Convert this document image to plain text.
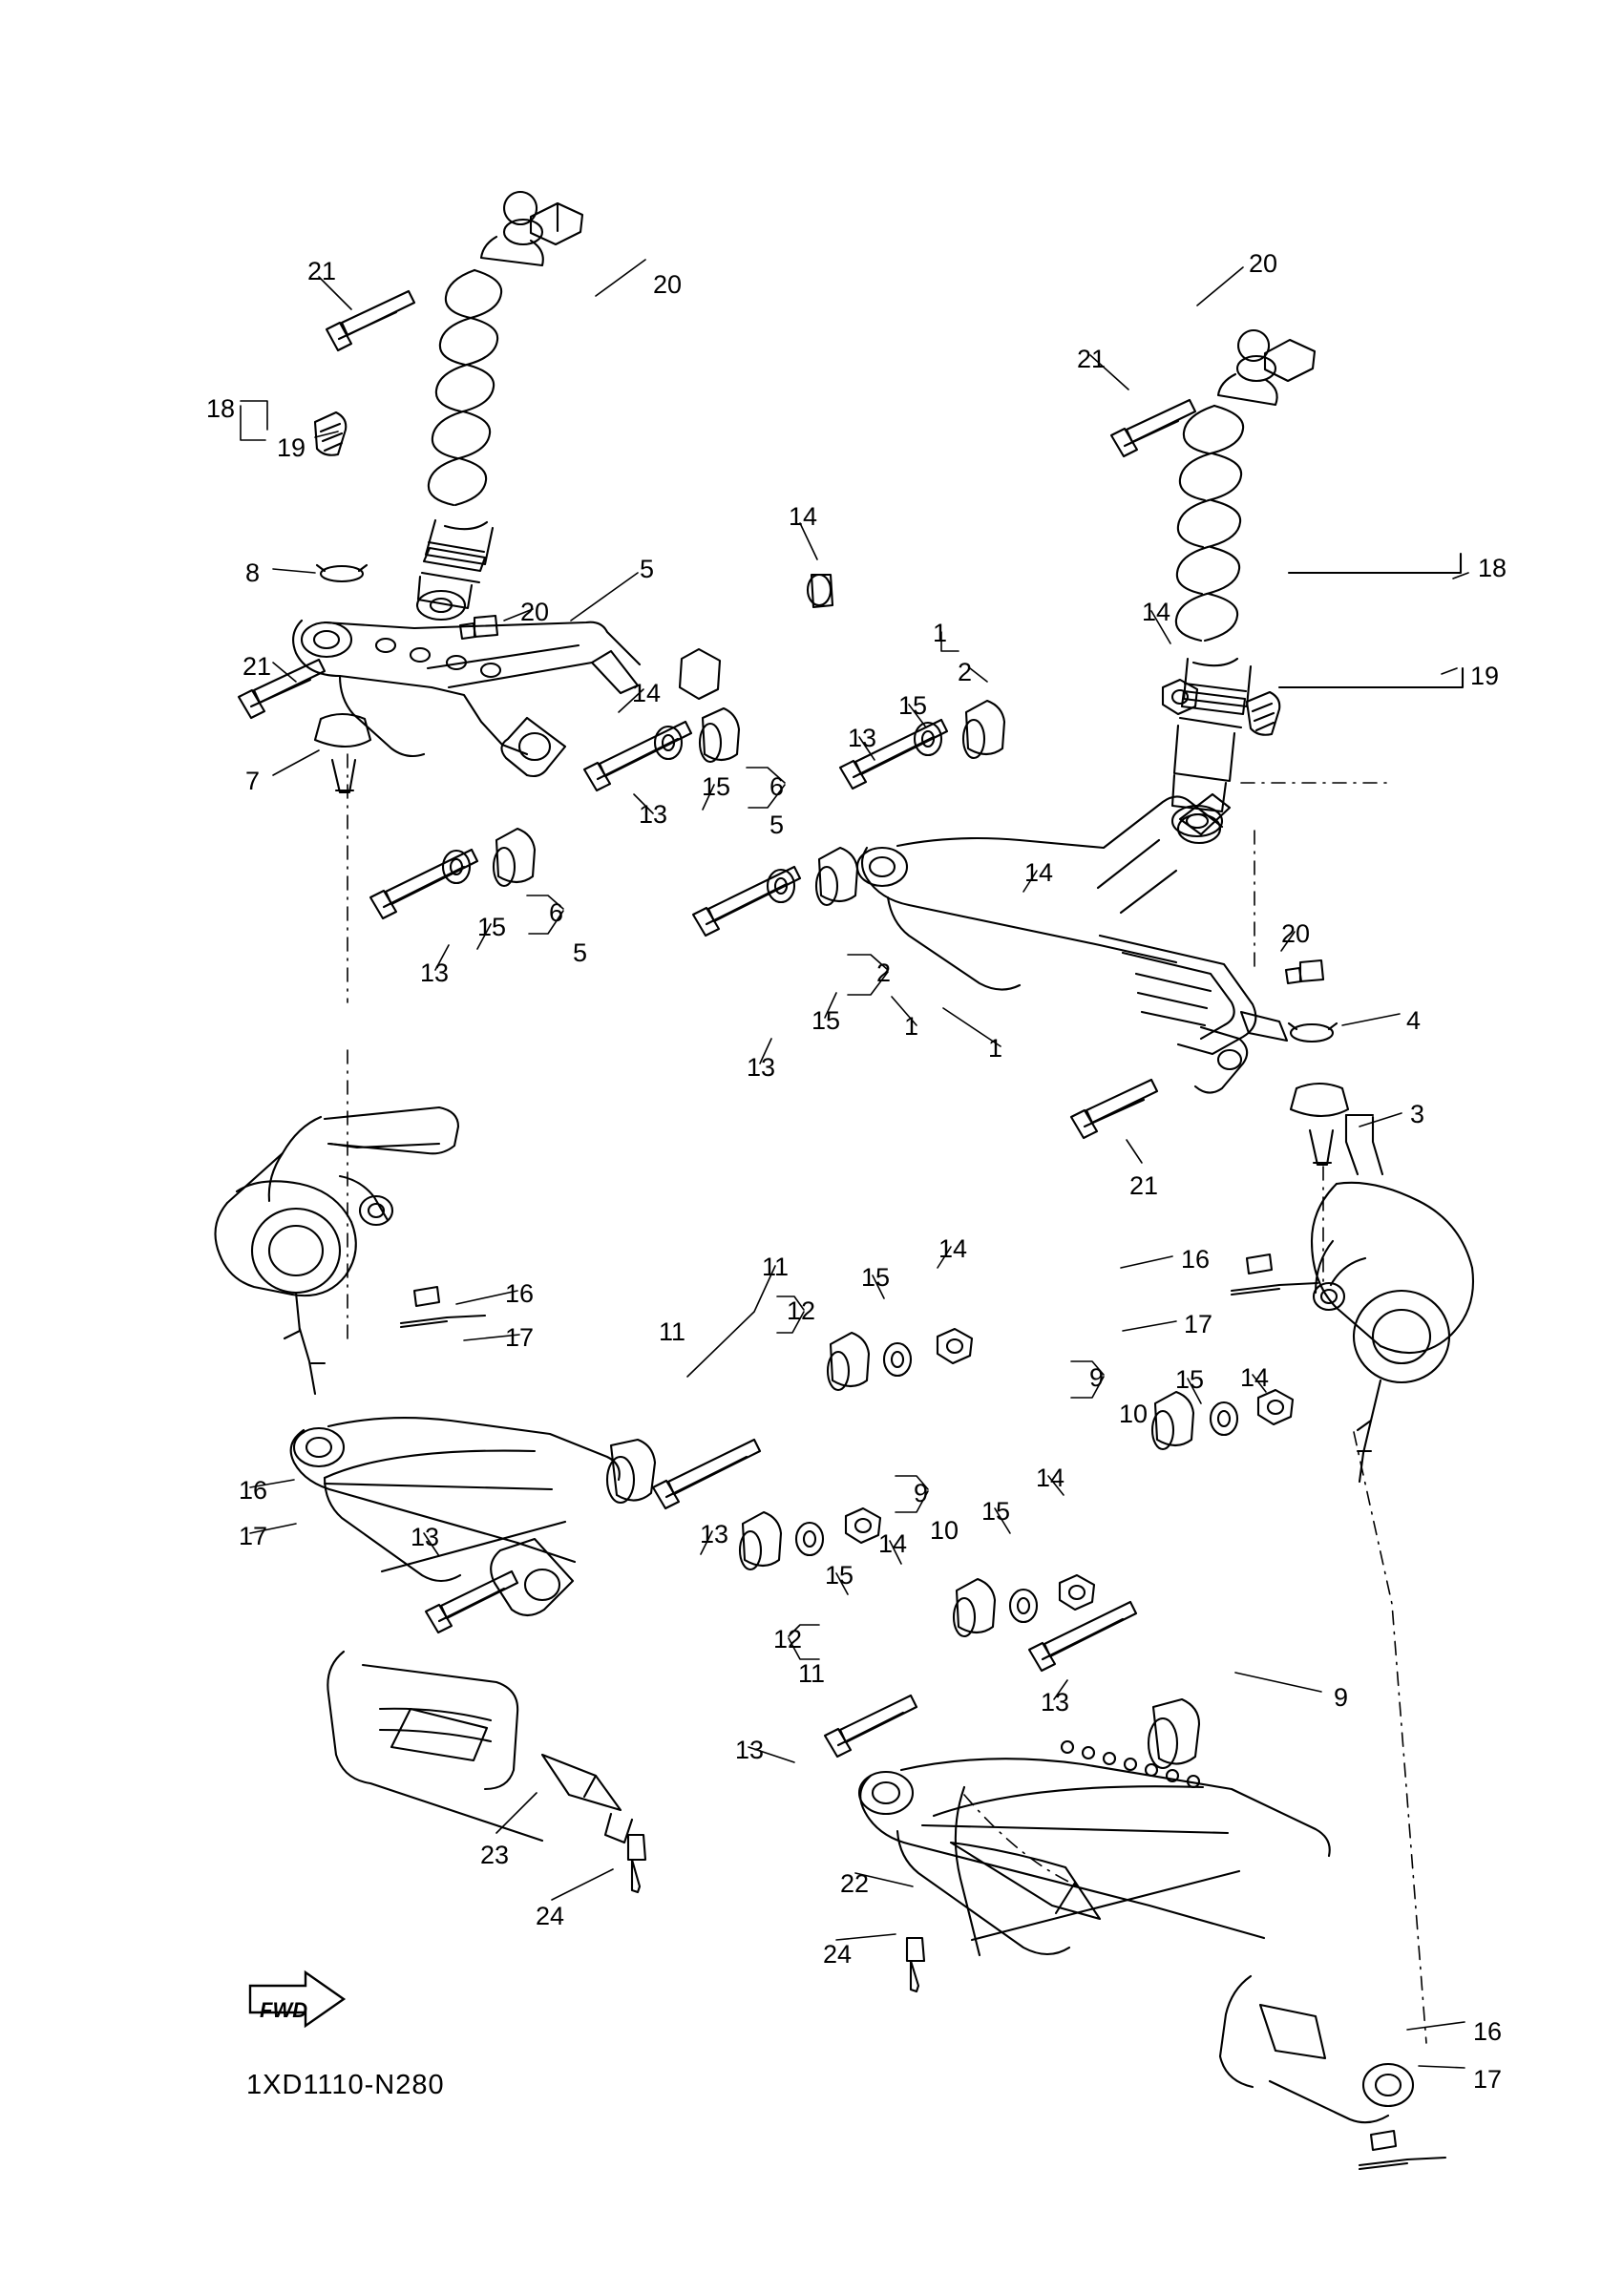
FWD
1XD1110-N280
21	20
20
21
18
19
14
8	5	18
20	14
1
2	19
21
14	15
13
6
7	15
13	5
14
6
15
2
5
20
13
4
1
15
1
13
3
21
14	16
11	15
16
12	17
11
17
9	15 14
10
16	9
14
15
10
13	14
17	13
15
12
11
13	9
13
23
22
24
24
16
17
